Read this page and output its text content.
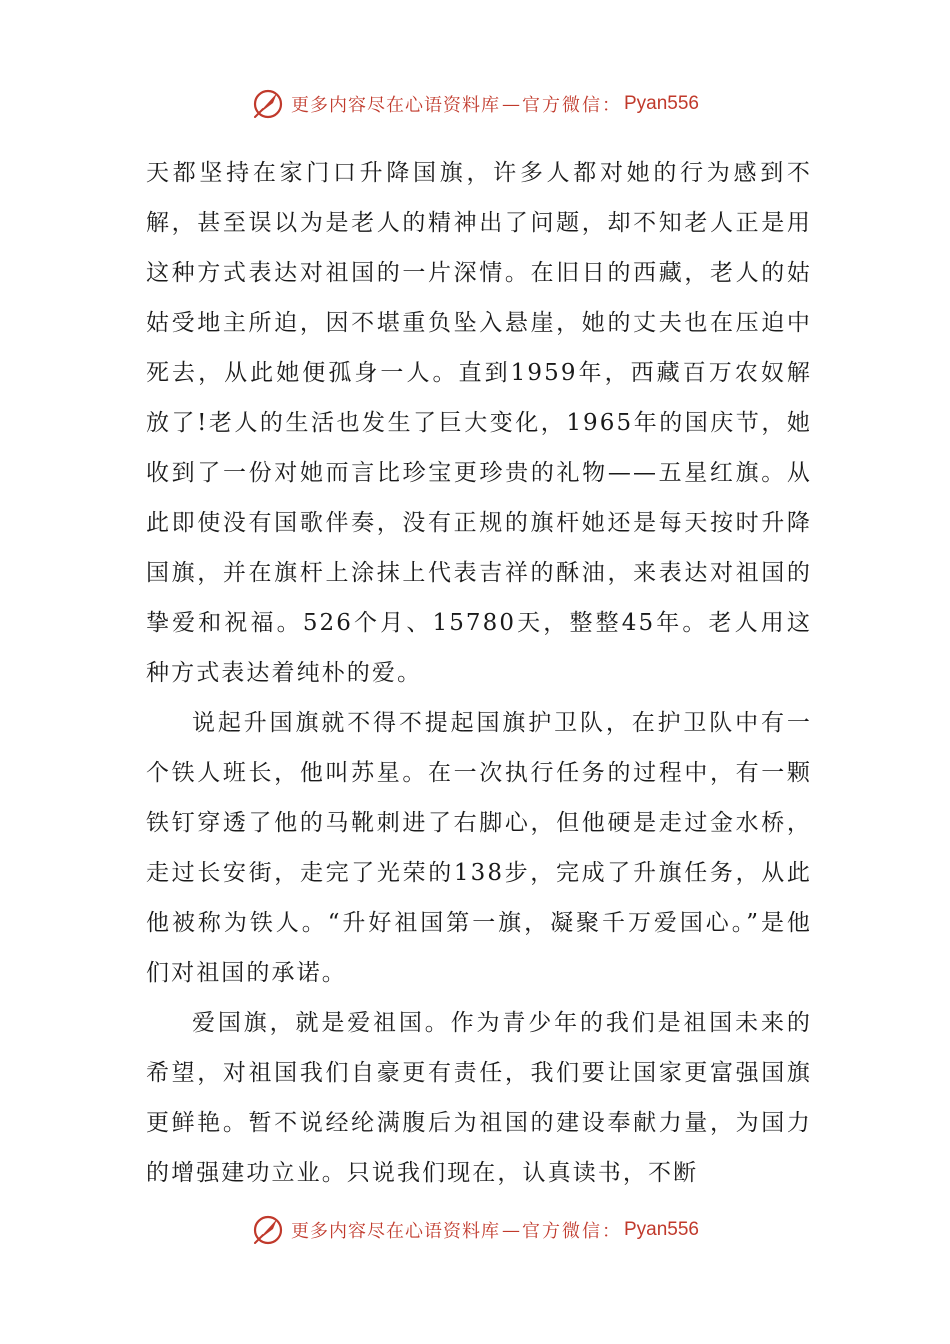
更多内容尽在心语资料库 — 官方微信： Pyan556

天都坚持在家门口升降国旗，许多人都对她的行为感到不解，甚至误以为是老人的精神出了问题，却不知老人正是用这种方式表达对祖国的一片深情。在旧日的西藏，老人的姑姑受地主所迫，因不堪重负坠入悬崖，她的丈夫也在压迫中死去，从此她便孤身一人。直到1959年，西藏百万农奴解放了!老人的生活也发生了巨大变化，1965年的国庆节，她收到了一份对她而言比珍宝更珍贵的礼物——五星红旗。从此即使没有国歌伴奏，没有正规的旗杆她还是每天按时升降国旗，并在旗杆上涂抹上代表吉祥的酥油，来表达对祖国的挚爱和祝福。526个月、15780天，整整45年。老人用这种方式表达着纯朴的爱。

说起升国旗就不得不提起国旗护卫队，在护卫队中有一个铁人班长，他叫苏星。在一次执行任务的过程中，有一颗铁钉穿透了他的马靴刺进了右脚心，但他硬是走过金水桥，走过长安街，走完了光荣的138步，完成了升旗任务，从此他被称为铁人。“升好祖国第一旗，凝聚千万爱国心。”是他们对祖国的承诺。

爱国旗，就是爱祖国。作为青少年的我们是祖国未来的希望，对祖国我们自豪更有责任，我们要让国家更富强国旗更鲜艳。暂不说经纶满腹后为祖国的建设奉献力量，为国力的增强建功立业。只说我们现在，认真读书，不断

更多内容尽在心语资料库 — 官方微信： Pyan556
